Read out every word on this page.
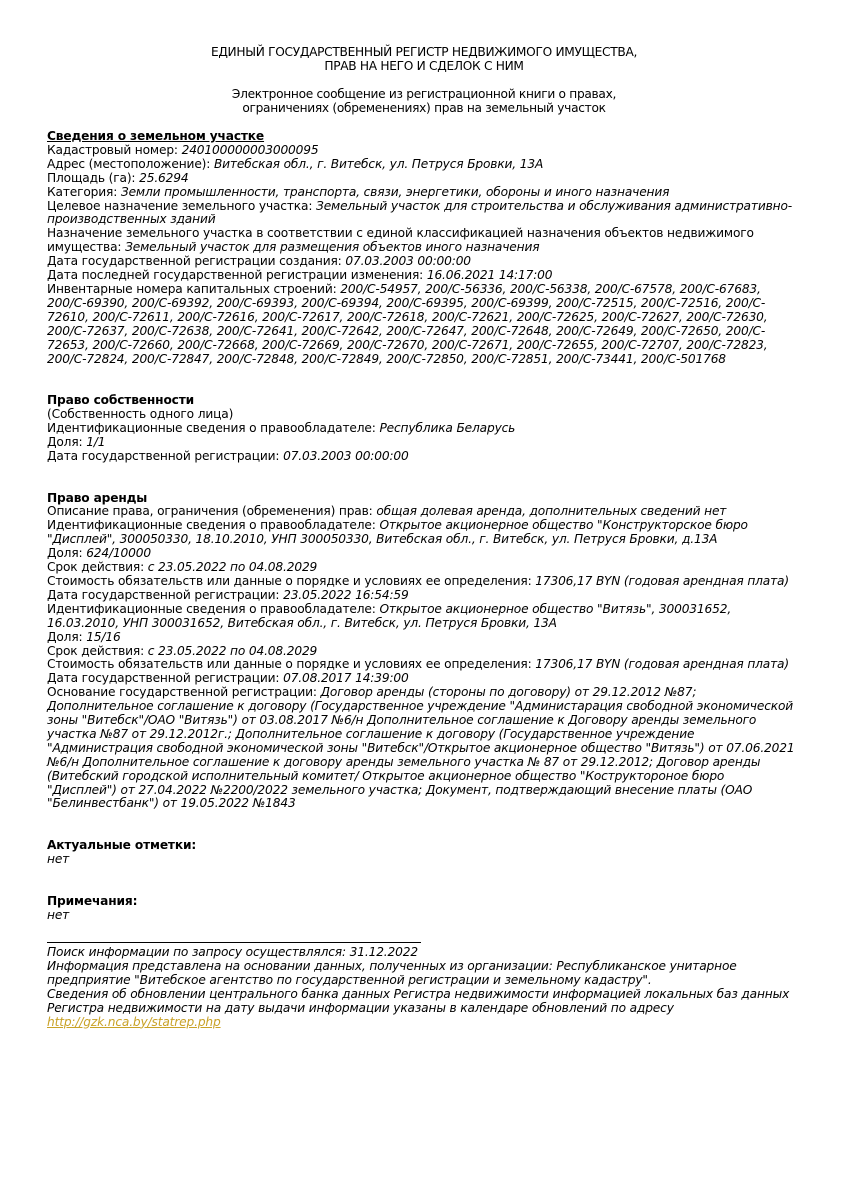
ЕДИНЫЙ ГОСУДАРСТВЕННЫЙ РЕГИСТР НЕДВИЖИМОГО ИМУЩЕСТВА,
ПРАВ НА НЕГО И СДЕЛОК С НИМ
Электронное сообщение из регистрационной книги о правах,
ограничениях (обременениях) прав на земельный участок
Сведения о земельном участке
Кадастровый номер: 240100000003000095
Адрес (местоположение): Витебская обл., г. Витебск, ул. Петруся Бровки, 13А
Площадь (га): 25.6294
Категория: Земли промышленности, транспорта, связи, энергетики, обороны и иного назначения
Целевое назначение земельного участка: Земельный участок для строительства и обслуживания административно-производственных зданий
Назначение земельного участка в соответствии с единой классификацией назначения объектов недвижимого имущества: Земельный участок для размещения объектов иного назначения
Дата государственной регистрации создания: 07.03.2003 00:00:00
Дата последней государственной регистрации изменения: 16.06.2021 14:17:00
Инвентарные номера капитальных строений: 200/C-54957, 200/C-56336, 200/C-56338, 200/C-67578, 200/C-67683, 200/C-69390, 200/C-69392, 200/C-69393, 200/C-69394, 200/C-69395, 200/C-69399, 200/C-72515, 200/C-72516, 200/C-72610, 200/C-72611, 200/C-72616, 200/C-72617, 200/C-72618, 200/C-72621, 200/C-72625, 200/C-72627, 200/C-72630, 200/C-72637, 200/C-72638, 200/C-72641, 200/C-72642, 200/C-72647, 200/C-72648, 200/C-72649, 200/C-72650, 200/C-72653, 200/C-72660, 200/C-72668, 200/C-72669, 200/C-72670, 200/C-72671, 200/C-72655, 200/C-72707, 200/C-72823, 200/C-72824, 200/C-72847, 200/C-72848, 200/C-72849, 200/C-72850, 200/C-72851, 200/C-73441, 200/C-501768
Право собственности
(Собственность одного лица)
Идентификационные сведения о правообладателе: Республика Беларусь
Доля: 1/1
Дата государственной регистрации: 07.03.2003 00:00:00
Право аренды
Описание права, ограничения (обременения) прав: общая долевая аренда, дополнительных сведений нет
Идентификационные сведения о правообладателе: Открытое акционерное общество "Конструкторское бюро "Дисплей", 300050330, 18.10.2010, УНП 300050330, Витебская обл., г. Витебск, ул. Петруся Бровки, д.13А
Доля: 624/10000
Срок действия: с 23.05.2022 по 04.08.2029
Стоимость обязательств или данные о порядке и условиях ее определения: 17306,17 BYN (годовая арендная плата)
Дата государственной регистрации: 23.05.2022 16:54:59
Идентификационные сведения о правообладателе: Открытое акционерное общество "Витязь", 300031652, 16.03.2010, УНП 300031652, Витебская обл., г. Витебск, ул. Петруся Бровки, 13А
Доля: 15/16
Срок действия: с 23.05.2022 по 04.08.2029
Стоимость обязательств или данные о порядке и условиях ее определения: 17306,17 BYN (годовая арендная плата)
Дата государственной регистрации: 07.08.2017 14:39:00
Основание государственной регистрации: Договор аренды (стороны по договору) от 29.12.2012 №87; Дополнительное соглашение к договору (Государственное учреждение "Администарация свободной экономической зоны "Витебск"/ОАО "Витязь") от 03.08.2017 №6/н Дополнительное соглашение к Договору аренды земельного участка №87 от 29.12.2012г.; Дополнительное соглашение к договору (Государственное учреждение "Администрация свободной экономической зоны "Витебск"/Открытое акционерное общество "Витязь") от 07.06.2021 №6/н Дополнительное соглашение к договору аренды земельного участка № 87 от 29.12.2012; Договор аренды (Витебский городской исполнительный комитет/ Открытое акционерное общество "Коструктороное бюро "Дисплей") от 27.04.2022 №2200/2022 земельного участка; Документ, подтверждающий внесение платы (ОАО "Белинвестбанк") от 19.05.2022 №1843
Актуальные отметки:
нет
Примечания:
нет
Поиск информации по запросу осуществлялся: 31.12.2022
Информация представлена на основании данных, полученных из организации: Республиканское унитарное предприятие "Витебское агентство по государственной регистрации и земельному кадастру".
Сведения об обновлении центрального банка данных Регистра недвижимости информацией локальных баз данных Регистра недвижимости на дату выдачи информации указаны в календаре обновлений по адресу
http://gzk.nca.by/statrep.php
